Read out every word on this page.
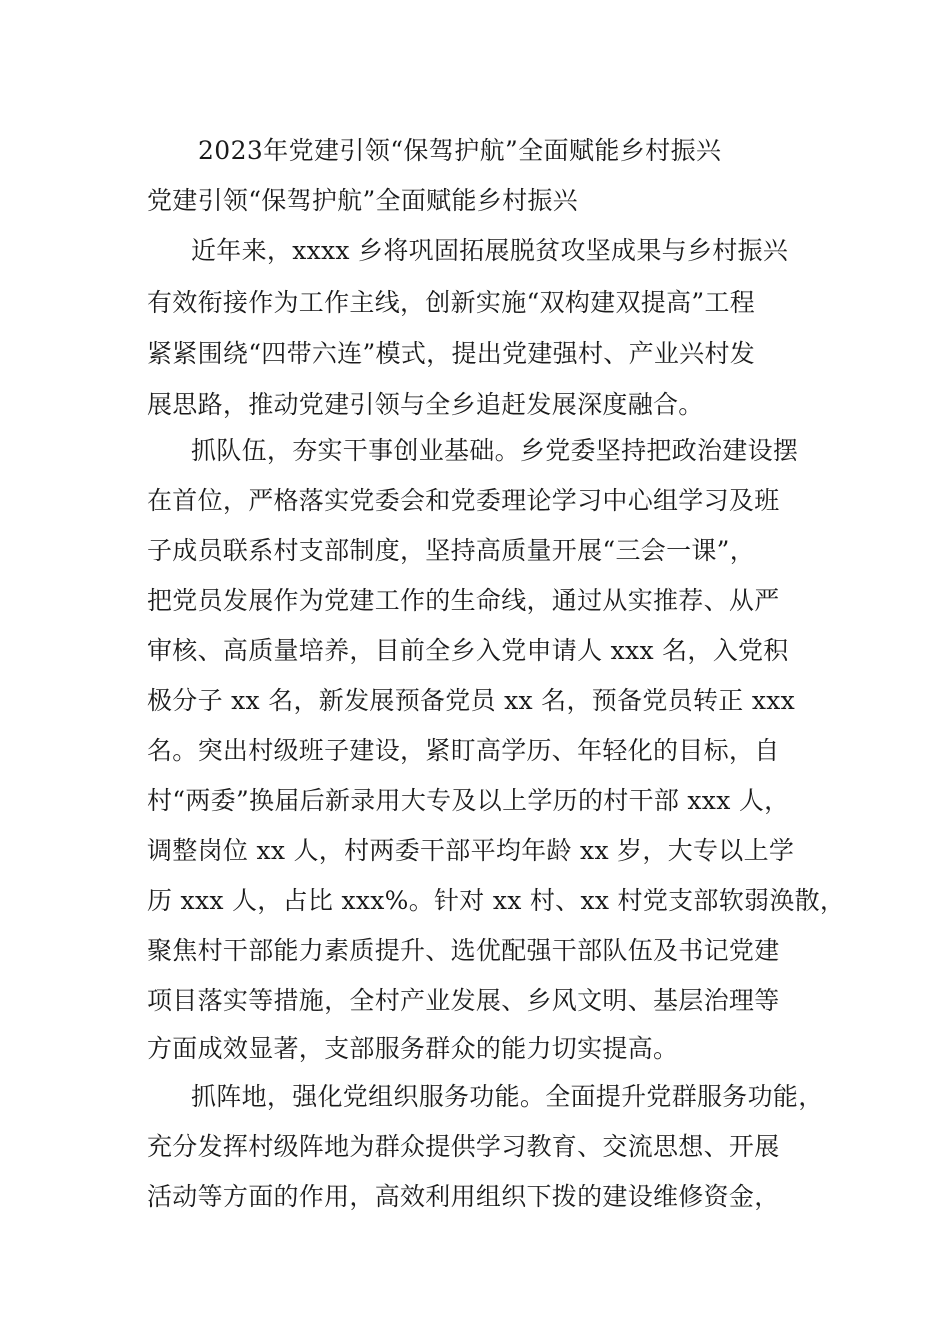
2023年党建引领“保驾护航”全面赋能乡村振兴
党建引领“保驾护航”全面赋能乡村振兴
近年来，xxxx 乡将巩固拓展脱贫攻坚成果与乡村振兴
有效衔接作为工作主线，创新实施“双构建双提高”工程
紧紧围绕“四带六连”模式，提出党建强村、产业兴村发
展思路，推动党建引领与全乡追赶发展深度融合。
抓队伍，夯实干事创业基础。乡党委坚持把政治建设摆
在首位，严格落实党委会和党委理论学习中心组学习及班
子成员联系村支部制度，坚持高质量开展“三会一课”，
把党员发展作为党建工作的生命线，通过从实推荐、从严
审核、高质量培养，目前全乡入党申请人 xxx 名，入党积
极分子 xx 名，新发展预备党员 xx 名，预备党员转正 xxx
名。突出村级班子建设，紧盯高学历、年轻化的目标，自
村“两委”换届后新录用大专及以上学历的村干部 xxx 人，
调整岗位 xx 人，村两委干部平均年龄 xx 岁，大专以上学
历 xxx 人，占比 xxx%。针对 xx 村、xx 村党支部软弱涣散，
聚焦村干部能力素质提升、选优配强干部队伍及书记党建
项目落实等措施，全村产业发展、乡风文明、基层治理等
方面成效显著，支部服务群众的能力切实提高。
抓阵地，强化党组织服务功能。全面提升党群服务功能，
充分发挥村级阵地为群众提供学习教育、交流思想、开展
活动等方面的作用，高效利用组织下拨的建设维修资金，
